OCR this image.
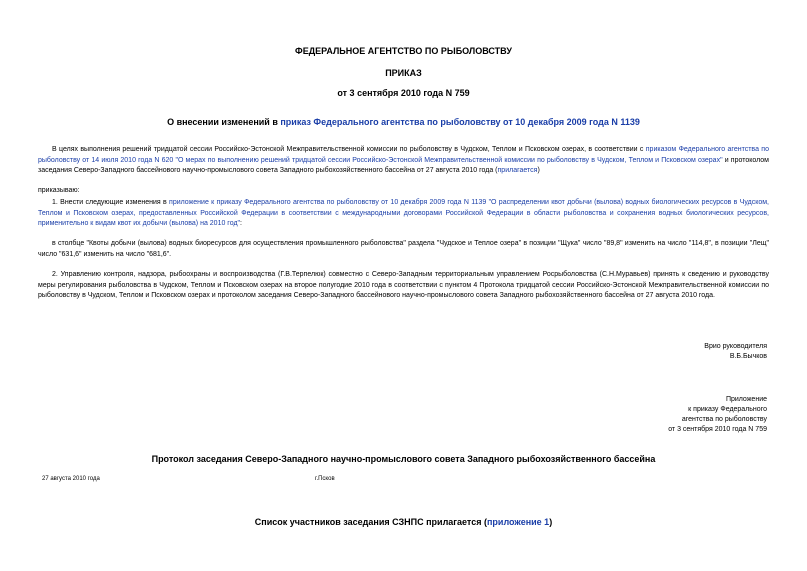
ФЕДЕРАЛЬНОЕ АГЕНТСТВО ПО РЫБОЛОВСТВУ
ПРИКАЗ
от 3 сентября 2010 года N 759
О внесении изменений в приказ Федерального агентства по рыболовству от 10 декабря 2009 года N 1139
В целях выполнения решений тридцатой сессии Российско-Эстонской Межправительственной комиссии по рыболовству в Чудском, Теплом и Псковском озерах, в соответствии с приказом Федерального агентства по рыболовству от 14 июля 2010 года N 620 "О мерах по выполнению решений тридцатой сессии Российско-Эстонской Межправительственной комиссии по рыболовству в Чудском, Теплом и Псковском озерах" и протоколом заседания Северо-Западного бассейнового научно-промыслового совета Западного рыбохозяйственного бассейна от 27 августа 2010 года (прилагается)
приказываю:
1. Внести следующие изменения в приложение к приказу Федерального агентства по рыболовству от 10 декабря 2009 года N 1139 "О распределении квот добычи (вылова) водных биологических ресурсов в Чудском, Теплом и Псковском озерах, предоставленных Российской Федерации в соответствии с международными договорами Российской Федерации в области рыболовства и сохранения водных биологических ресурсов, применительно к видам квот их добычи (вылова) на 2010 год":
в столбце "Квоты добычи (вылова) водных биоресурсов для осуществления промышленного рыболовства" раздела "Чудское и Теплое озера" в позиции "Щука" число "89,8" изменить на число "114,8", в позиции "Лещ" число "631,6" изменить на число "681,6".
2. Управлению контроля, надзора, рыбоохраны и воспроизводства (Г.В.Терпелюк) совместно с Северо-Западным территориальным управлением Росрыболовства (С.Н.Муравьев) принять к сведению и руководству меры регулирования рыболовства в Чудском, Теплом и Псковском озерах на второе полугодие 2010 года в соответствии с пунктом 4 Протокола тридцатой сессии Российско-Эстонской Межправительственной комиссии по рыболовству в Чудском, Теплом и Псковском озерах и протоколом заседания Северо-Западного бассейнового научно-промыслового совета Западного рыбохозяйственного бассейна от 27 августа 2010 года.
Врио руководителя
В.Б.Бычков
Приложение
к приказу Федерального
агентства по рыболовству
от 3 сентября 2010 года N 759
Протокол заседания Северо-Западного научно-промыслового совета Западного рыбохозяйственного бассейна
27 августа 2010 года	г.Псков
Список участников заседания СЗНПС прилагается (приложение 1)
